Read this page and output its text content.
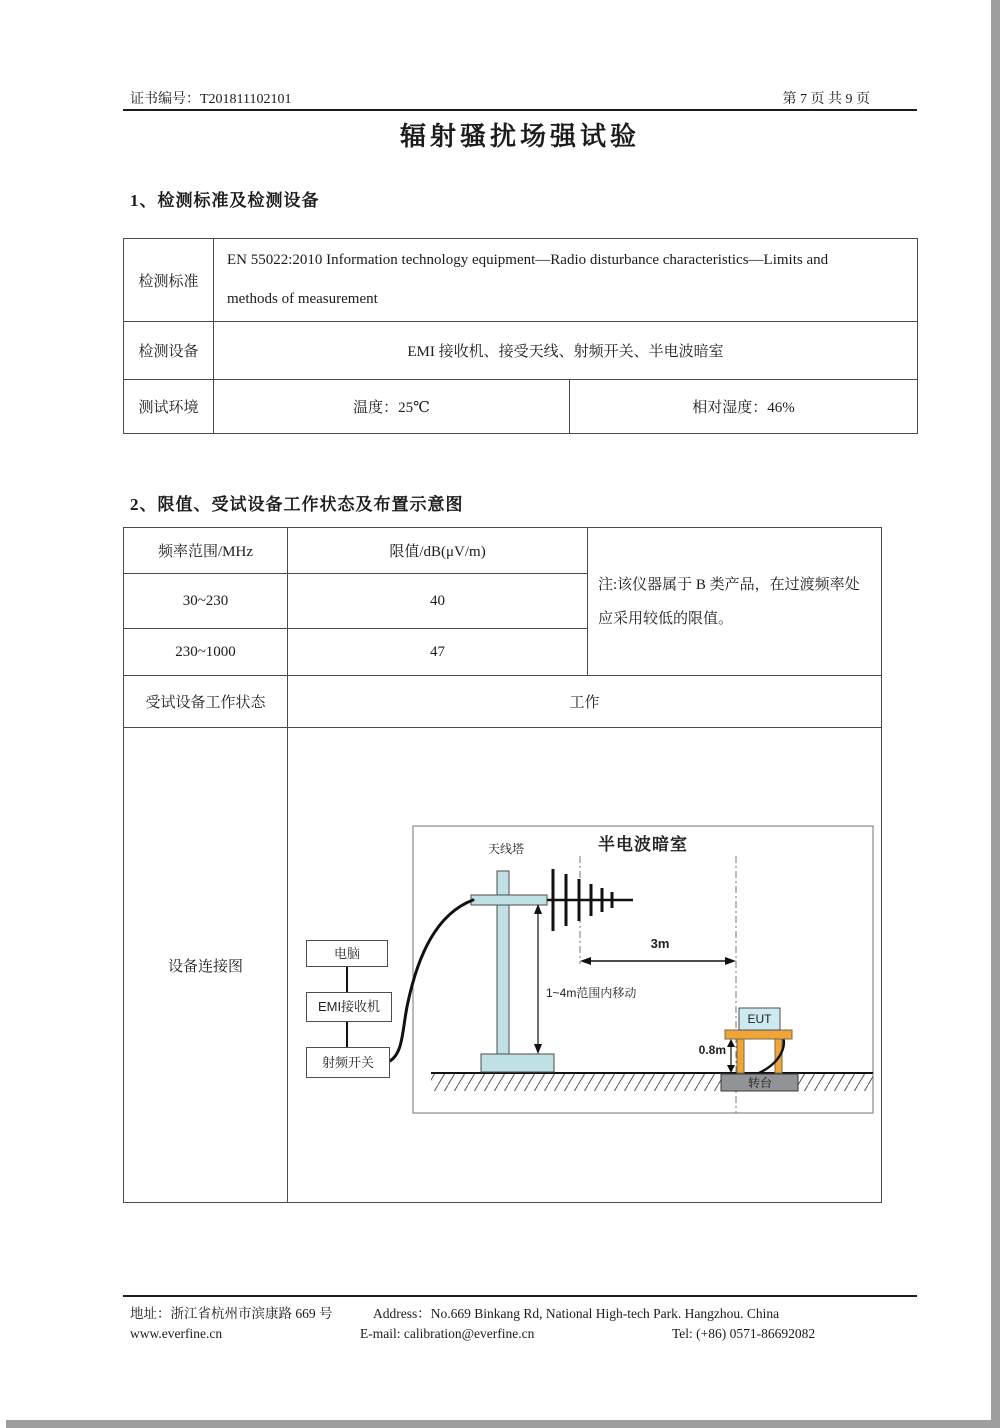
证书编号：T201811102101	第 7 页 共 9 页
辐射骚扰场强试验
1、检测标准及检测设备
检测标准	EN 55022:2010 Information technology equipment—Radio disturbance characteristics—Limits and methods of measurement	
检测设备	EMI 接收机、接受天线、射频开关、半电波暗室	
测试环境	温度：25℃	相对湿度：46%
2、限值、受试设备工作状态及布置示意图
频率范围/MHz	限值/dB(μV/m)	注:该仪器属于 B 类产品，在过渡频率处应采用较低的限值。
30~230	40	
230~1000	47	
受试设备工作状态	工作	
设备连接图	
半电波暗室
天线塔
3m
1~4m范围内移动
EUT
0.8m
转台
电脑
EMI接收机
射频开关
地址：浙江省杭州市滨康路 669 号	Address：No.669 Binkang Rd, National High-tech Park. Hangzhou. China
www.everfine.cn	E-mail: calibration@everfine.cn	Tel: (+86) 0571-86692082
